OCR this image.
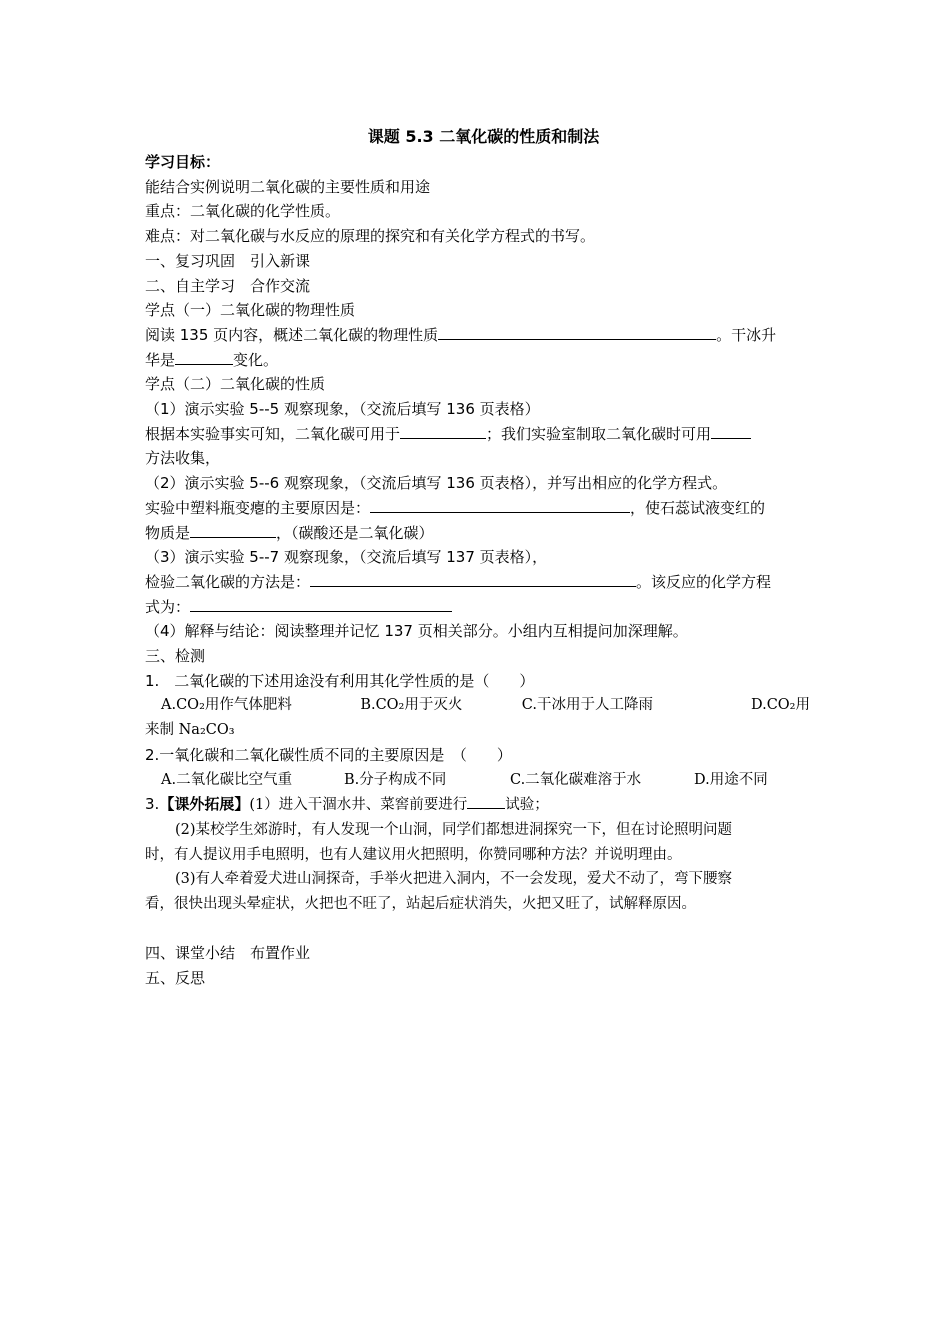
课题 5.3 二氧化碳的性质和制法
学习目标：
能结合实例说明二氧化碳的主要性质和用途
重点：二氧化碳的化学性质。
难点：对二氧化碳与水反应的原理的探究和有关化学方程式的书写。
一、复习巩固　引入新课
二、自主学习　合作交流
学点（一）二氧化碳的物理性质
阅读 135 页内容，概述二氧化碳的物理性质	。干冰升
华是	变化。
学点（二）二氧化碳的性质
（1）演示实验 5--5 观察现象，（交流后填写 136 页表格）
根据本实验事实可知，二氧化碳可用于	；我们实验室制取二氧化碳时可用
方法收集，
（2）演示实验 5--6 观察现象，（交流后填写 136 页表格），并写出相应的化学方程式。
实验中塑料瓶变瘪的主要原因是：	，使石蕊试液变红的
物质是	，（碳酸还是二氧化碳）
（3）演示实验 5--7 观察现象，（交流后填写 137 页表格），
检验二氧化碳的方法是：	。该反应的化学方程
式为：
（4）解释与结论：阅读整理并记忆 137 页相关部分。小组内互相提问加深理解。
三、检测
1.　二氧化碳的下述用途没有利用其化学性质的是（　　）
A.CO₂用作气体肥料	B.CO₂用于灭火	C.干冰用于人工降雨	D.CO₂用
来制 Na₂CO₃
2.一氧化碳和二氧化碳性质不同的主要原因是　（　　）
A.二氧化碳比空气重	B.分子构成不同	C.二氧化碳难溶于水	D.用途不同
3.【课外拓展】(1）进入干涸水井、菜窖前要进行	试验；
(2)某校学生郊游时，有人发现一个山洞，同学们都想进洞探究一下，但在讨论照明问题
时，有人提议用手电照明，也有人建议用火把照明，你赞同哪种方法？并说明理由。
(3)有人牵着爱犬进山洞探奇，手举火把进入洞内，不一会发现，爱犬不动了，弯下腰察
看，很快出现头晕症状，火把也不旺了，站起后症状消失，火把又旺了，试解释原因。
四、课堂小结　布置作业
五、反思
